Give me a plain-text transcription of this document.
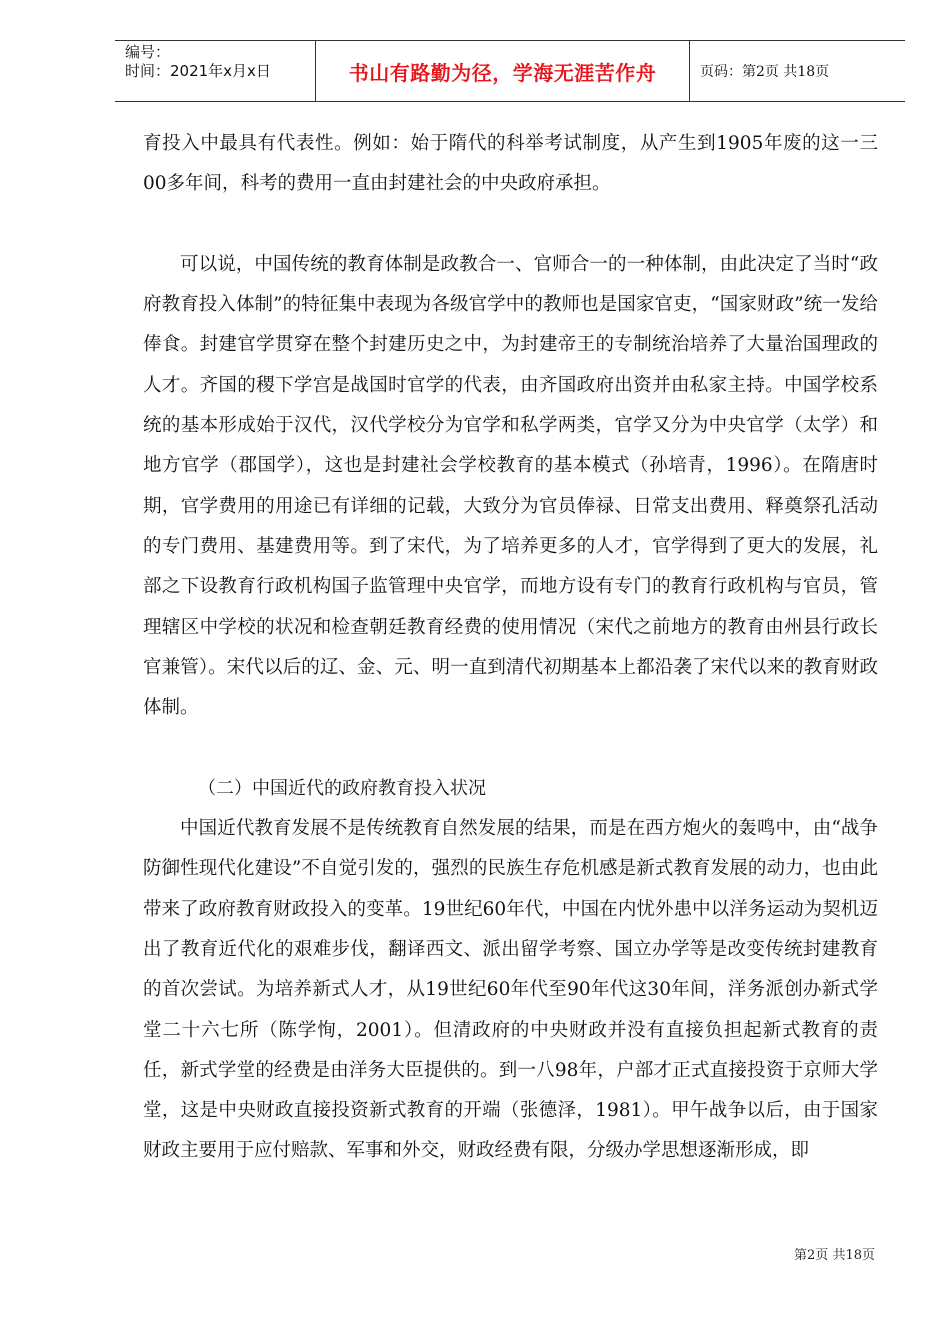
编号：
时间：2021年x月x日	书山有路勤为径，学海无涯苦作舟	页码：第2页 共18页

育投入中最具有代表性。例如：始于隋代的科举考试制度，从产生到1905年废的这一三00多年间，科考的费用一直由封建社会的中央政府承担。

可以说，中国传统的教育体制是政教合一、官师合一的一种体制，由此决定了当时“政府教育投入体制”的特征集中表现为各级官学中的教师也是国家官吏，“国家财政”统一发给俸食。封建官学贯穿在整个封建历史之中，为封建帝王的专制统治培养了大量治国理政的人才。齐国的稷下学宫是战国时官学的代表，由齐国政府出资并由私家主持。中国学校系统的基本形成始于汉代，汉代学校分为官学和私学两类，官学又分为中央官学（太学）和地方官学（郡国学），这也是封建社会学校教育的基本模式（孙培青，1996）。在隋唐时期，官学费用的用途已有详细的记载，大致分为官员俸禄、日常支出费用、释奠祭孔活动的专门费用、基建费用等。到了宋代，为了培养更多的人才，官学得到了更大的发展，礼部之下设教育行政机构国子监管理中央官学，而地方设有专门的教育行政机构与官员，管理辖区中学校的状况和检查朝廷教育经费的使用情况（宋代之前地方的教育由州县行政长官兼管）。宋代以后的辽、金、元、明一直到清代初期基本上都沿袭了宋代以来的教育财政体制。

（二）中国近代的政府教育投入状况

中国近代教育发展不是传统教育自然发展的结果，而是在西方炮火的轰鸣中，由“战争防御性现代化建设”不自觉引发的，强烈的民族生存危机感是新式教育发展的动力，也由此带来了政府教育财政投入的变革。19世纪60年代，中国在内忧外患中以洋务运动为契机迈出了教育近代化的艰难步伐，翻译西文、派出留学考察、国立办学等是改变传统封建教育的首次尝试。为培养新式人才，从19世纪60年代至90年代这30年间，洋务派创办新式学堂二十六七所（陈学恂，2001）。但清政府的中央财政并没有直接负担起新式教育的责任，新式学堂的经费是由洋务大臣提供的。到一八98年，户部才正式直接投资于京师大学堂，这是中央财政直接投资新式教育的开端（张德泽，1981）。甲午战争以后，由于国家财政主要用于应付赔款、军事和外交，财政经费有限，分级办学思想逐渐形成，即

第2页 共18页
